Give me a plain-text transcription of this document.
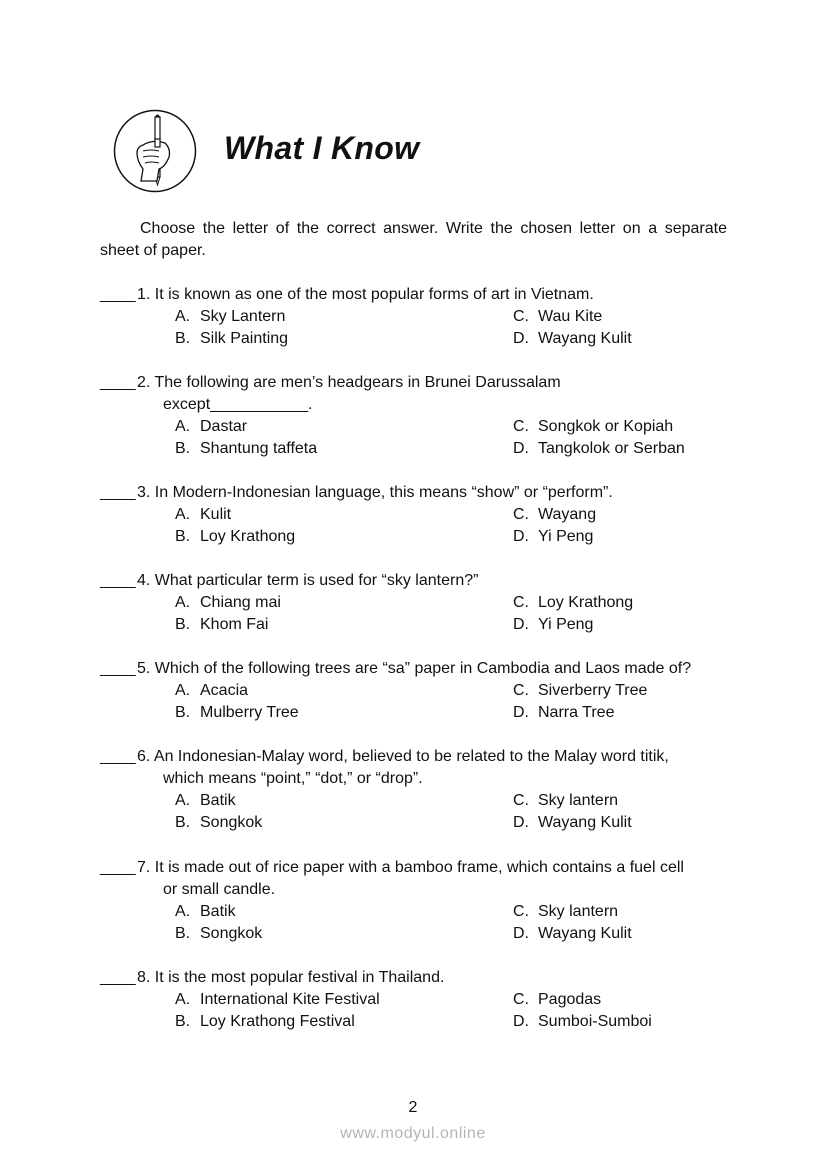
What I Know
Choose the letter of the correct answer. Write the chosen letter on a separate sheet of paper.
____ 1. It is known as one of the most popular forms of art in Vietnam.
A. Sky Lantern	C. Wau Kite
B. Silk Painting	D. Wayang Kulit
____ 2. The following are men’s headgears in Brunei Darussalam
except___________.
A. Dastar	C. Songkok or Kopiah
B. Shantung taffeta	D. Tangkolok or Serban
____ 3. In Modern-Indonesian language, this means “show” or “perform”.
A. Kulit	C. Wayang
B. Loy Krathong	D. Yi Peng
____ 4. What particular term is used for “sky lantern?”
A. Chiang mai	C. Loy Krathong
B. Khom Fai	D. Yi Peng
____ 5. Which of the following trees are “sa” paper in Cambodia and Laos made of?
A. Acacia	C. Siverberry Tree
B. Mulberry Tree	D. Narra Tree
____ 6. An Indonesian-Malay word, believed to be related to the Malay word titik,
which means “point,” “dot,” or “drop”.
A. Batik	C. Sky lantern
B. Songkok	D. Wayang Kulit
____ 7. It is made out of rice paper with a bamboo frame, which contains a fuel cell
or small candle.
A. Batik	C. Sky lantern
B. Songkok	D. Wayang Kulit
____ 8. It is the most popular festival in Thailand.
A. International Kite Festival	C. Pagodas
B. Loy Krathong Festival	D. Sumboi-Sumboi
2
www.modyul.online
